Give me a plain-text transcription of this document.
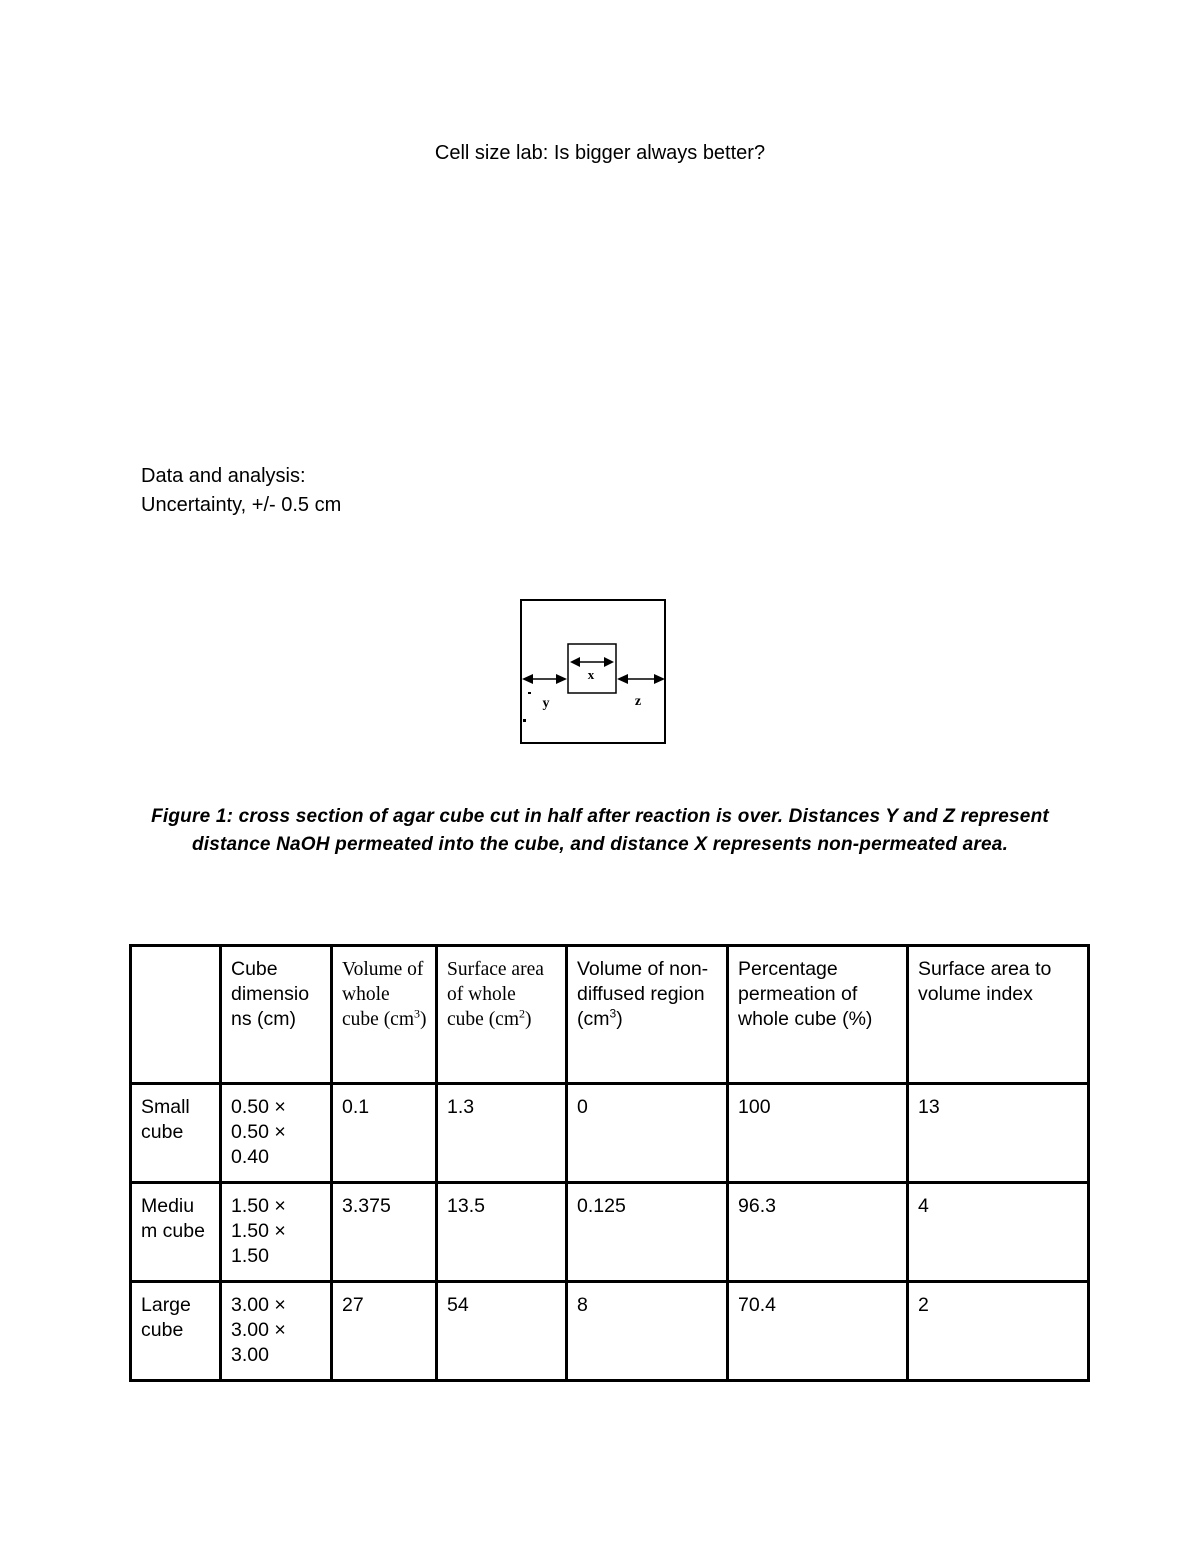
Cell size lab: Is bigger always better?
Data and analysis:
Uncertainty, +/- 0.5 cm
x
y	z
Figure 1: cross section of agar cube cut in half after reaction is over. Distances Y and Z represent distance NaOH permeated into the cube, and distance X represents non-permeated area.
	Cube dimensio ns (cm)	Volume of whole cube $(cm^3)$	Surface area of whole cube $(cm^2)$	Volume of non-diffused region $(cm^3)$	Percentage permeation of whole cube (%)	Surface area to volume index
Small cube	0.50 × 0.50 × 0.40	0.1	1.3	0	100	13
Mediu m cube	1.50 × 1.50 × 1.50	3.375	13.5	0.125	96.3	4
Large cube	3.00 × 3.00 × 3.00	27	54	8	70.4	2
